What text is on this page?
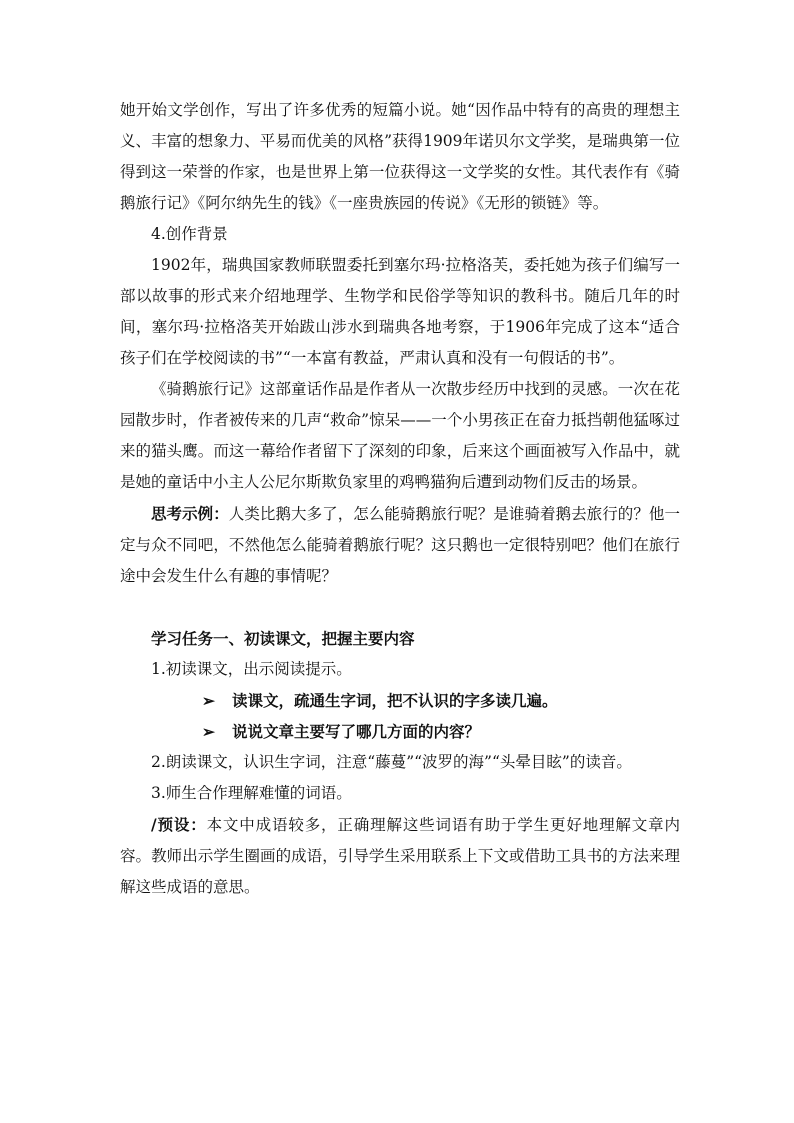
她开始文学创作，写出了许多优秀的短篇小说。她“因作品中特有的高贵的理想主义、丰富的想象力、平易而优美的风格”获得1909年诺贝尔文学奖，是瑞典第一位得到这一荣誉的作家，也是世界上第一位获得这一文学奖的女性。其代表作有《骑鹅旅行记》《阿尔纳先生的钱》《一座贵族园的传说》《无形的锁链》等。

4.创作背景

1902年，瑞典国家教师联盟委托到塞尔玛·拉格洛芙，委托她为孩子们编写一部以故事的形式来介绍地理学、生物学和民俗学等知识的教科书。随后几年的时间，塞尔玛·拉格洛芙开始跋山涉水到瑞典各地考察，于1906年完成了这本“适合孩子们在学校阅读的书”“一本富有教益，严肃认真和没有一句假话的书”。

《骑鹅旅行记》这部童话作品是作者从一次散步经历中找到的灵感。一次在花园散步时，作者被传来的几声“救命”惊呆——一个小男孩正在奋力抵挡朝他猛啄过来的猫头鹰。而这一幕给作者留下了深刻的印象，后来这个画面被写入作品中，就是她的童话中小主人公尼尔斯欺负家里的鸡鸭猫狗后遭到动物们反击的场景。

思考示例：人类比鹅大多了，怎么能骑鹅旅行呢？是谁骑着鹅去旅行的？他一定与众不同吧，不然他怎么能骑着鹅旅行呢？这只鹅也一定很特别吧？他们在旅行途中会发生什么有趣的事情呢？

学习任务一、初读课文，把握主要内容

1.初读课文，出示阅读提示。

➢	读课文，疏通生字词，把不认识的字多读几遍。
➢	说说文章主要写了哪几方面的内容？

2.朗读课文，认识生字词，注意“藤蔓”“波罗的海”“头晕目眩”的读音。

3.师生合作理解难懂的词语。

/预设：本文中成语较多，正确理解这些词语有助于学生更好地理解文章内容。教师出示学生圈画的成语，引导学生采用联系上下文或借助工具书的方法来理解这些成语的意思。
